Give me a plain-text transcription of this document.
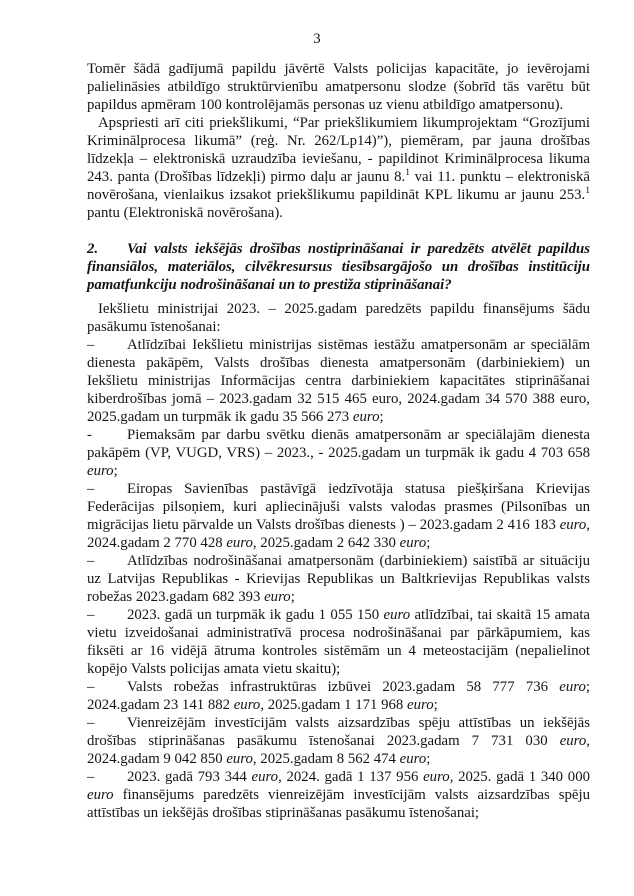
3

Tomēr šādā gadījumā papildu jāvērtē Valsts policijas kapacitāte, jo ievērojami palielināsies atbildīgo struktūrvienību amatpersonu slodze (šobrīd tās varētu būt papildus apmēram 100 kontrolējamās personas uz vienu atbildīgo amatpersonu).

Apspriesti arī citi priekšlikumi, “Par priekšlikumiem likumprojektam “Grozījumi Kriminālprocesa likumā” (reģ. Nr. 262/Lp14)”), piemēram, par jauna drošības līdzekļa – elektroniskā uzraudzība ieviešanu, - papildinot Kriminālprocesa likuma 243. panta (Drošības līdzekļi) pirmo daļu ar jaunu 8.$^1$ vai 11. punktu – elektroniskā novērošana, vienlaikus izsakot priekšlikumu papildināt KPL likumu ar jaunu 253.$^1$ pantu (Elektroniskā novērošana).

2. Vai valsts iekšējās drošības nostiprināšanai ir paredzēts atvēlēt papildus finansiālos, materiālos, cilvēkresursus tiesībsargājošo un drošības institūciju pamatfunkciju nodrošināšanai un to prestiža stiprināšanai?

Iekšlietu ministrijai 2023. – 2025.gadam paredzēts papildu finansējums šādu pasākumu īstenošanai:

– Atlīdzībai Iekšlietu ministrijas sistēmas iestāžu amatpersonām ar speciālām dienesta pakāpēm, Valsts drošības dienesta amatpersonām (darbiniekiem) un Iekšlietu ministrijas Informācijas centra darbiniekiem kapacitātes stiprināšanai kiberdrošības jomā – 2023.gadam 32 515 465 euro, 2024.gadam 34 570 388 euro, 2025.gadam un turpmāk ik gadu 35 566 273 euro;

- Piemaksām par darbu svētku dienās amatpersonām ar speciālajām dienesta pakāpēm (VP, VUGD, VRS) – 2023., - 2025.gadam un turpmāk ik gadu 4 703 658 euro;

– Eiropas Savienības pastāvīgā iedzīvotāja statusa piešķiršana Krievijas Federācijas pilsoņiem, kuri apliecinājuši valsts valodas prasmes (Pilsonības un migrācijas lietu pārvalde un Valsts drošības dienests ) – 2023.gadam 2 416 183 euro, 2024.gadam 2 770 428 euro, 2025.gadam 2 642 330 euro;

– Atlīdzības nodrošināšanai amatpersonām (darbiniekiem) saistībā ar situāciju uz Latvijas Republikas - Krievijas Republikas un Baltkrievijas Republikas valsts robežas 2023.gadam 682 393 euro;

– 2023. gadā un turpmāk ik gadu 1 055 150 euro atlīdzībai, tai skaitā 15 amata vietu izveidošanai administratīvā procesa nodrošināšanai par pārkāpumiem, kas fiksēti ar 16 vidējā ātruma kontroles sistēmām un 4 meteostacijām (nepalielinot kopējo Valsts policijas amata vietu skaitu);

– Valsts robežas infrastruktūras izbūvei 2023.gadam 58 777 736 euro; 2024.gadam 23 141 882 euro, 2025.gadam 1 171 968 euro;

– Vienreizējām investīcijām valsts aizsardzības spēju attīstības un iekšējās drošības stiprināšanas pasākumu īstenošanai 2023.gadam 7 731 030 euro, 2024.gadam 9 042 850 euro, 2025.gadam 8 562 474 euro;

– 2023. gadā 793 344 euro, 2024. gadā 1 137 956 euro, 2025. gadā 1 340 000 euro finansējums paredzēts vienreizējām investīcijām valsts aizsardzības spēju attīstības un iekšējās drošības stiprināšanas pasākumu īstenošanai;
